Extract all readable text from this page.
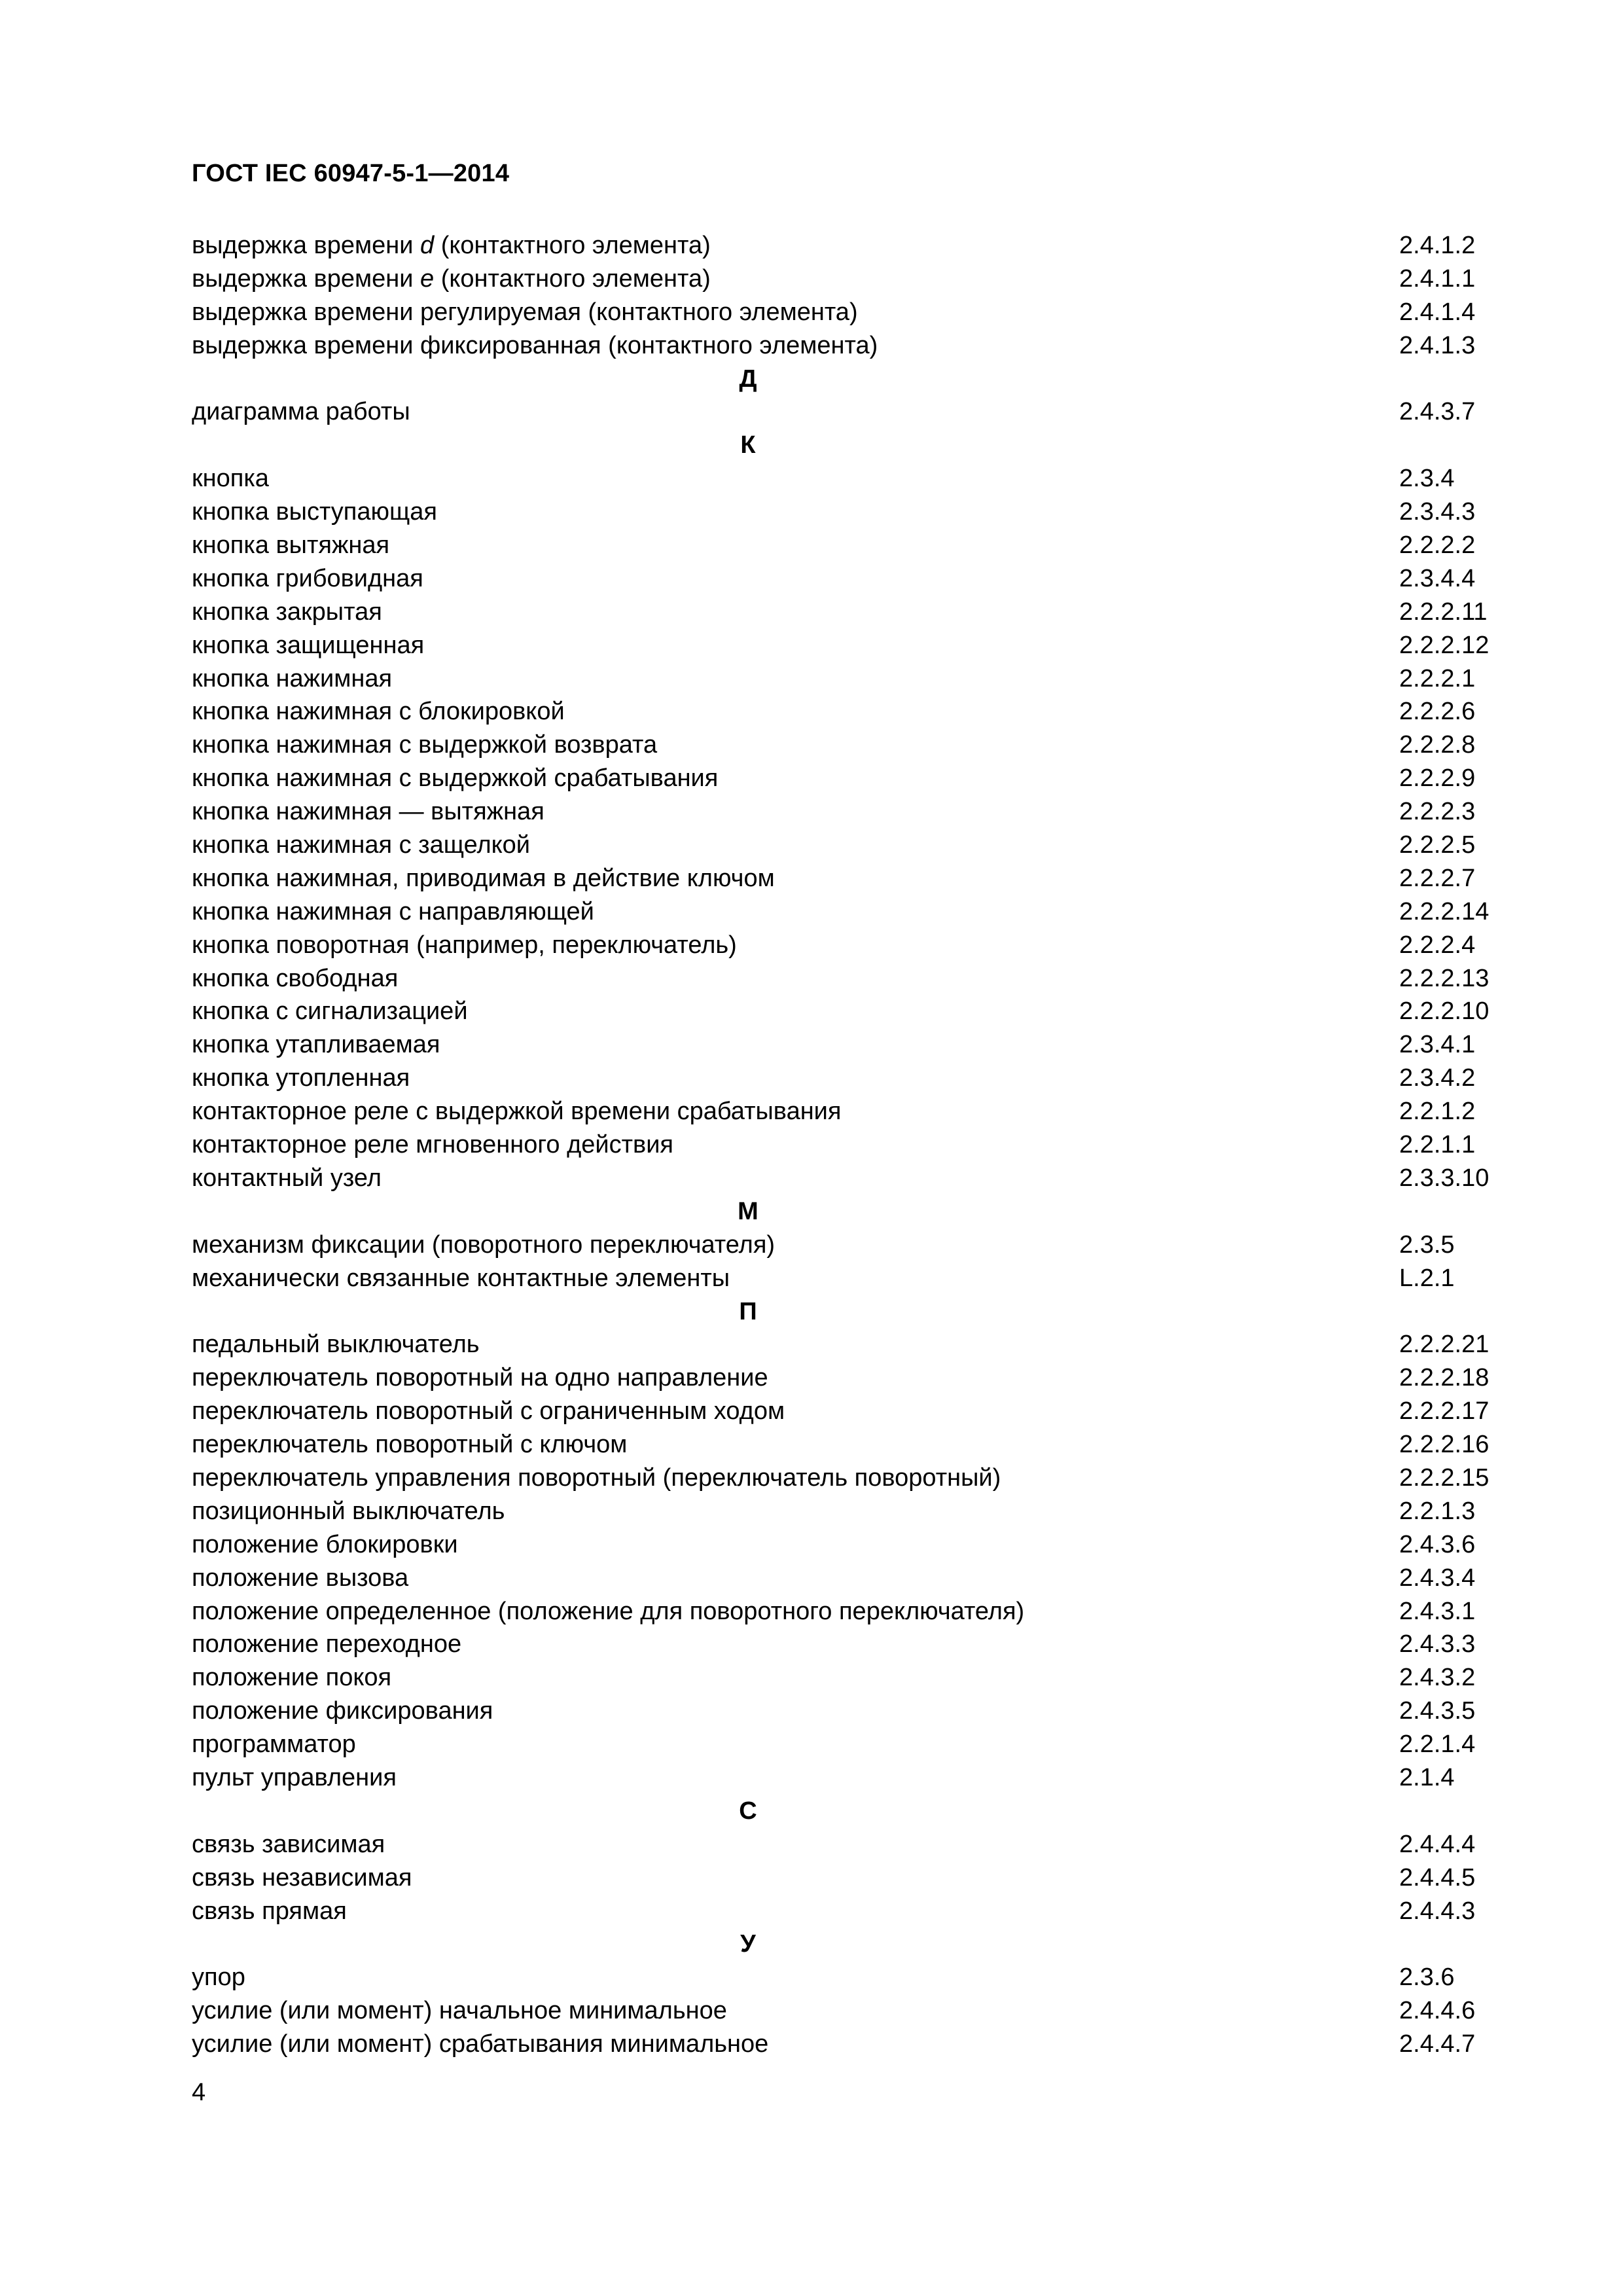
ГОСТ IEC 60947-5-1—2014
выдержка времени d (контактного элемента)	2.4.1.2
выдержка времени e (контактного элемента)	2.4.1.1
выдержка времени регулируемая (контактного элемента)	2.4.1.4
выдержка времени фиксированная (контактного элемента)	2.4.1.3
Д
диаграмма работы	2.4.3.7
К
кнопка	2.3.4
кнопка выступающая	2.3.4.3
кнопка вытяжная	2.2.2.2
кнопка грибовидная	2.3.4.4
кнопка закрытая	2.2.2.11
кнопка защищенная	2.2.2.12
кнопка нажимная	2.2.2.1
кнопка нажимная с блокировкой	2.2.2.6
кнопка нажимная с выдержкой возврата	2.2.2.8
кнопка нажимная с выдержкой срабатывания	2.2.2.9
кнопка нажимная — вытяжная	2.2.2.3
кнопка нажимная с защелкой	2.2.2.5
кнопка нажимная, приводимая в действие ключом	2.2.2.7
кнопка нажимная с направляющей	2.2.2.14
кнопка поворотная (например, переключатель)	2.2.2.4
кнопка свободная	2.2.2.13
кнопка с сигнализацией	2.2.2.10
кнопка утапливаемая	2.3.4.1
кнопка утопленная	2.3.4.2
контакторное реле с выдержкой времени срабатывания	2.2.1.2
контакторное реле мгновенного действия	2.2.1.1
контактный узел	2.3.3.10
М
механизм фиксации (поворотного переключателя)	2.3.5
механически связанные контактные элементы	L.2.1
П
педальный выключатель	2.2.2.21
переключатель поворотный на одно направление	2.2.2.18
переключатель поворотный с ограниченным ходом	2.2.2.17
переключатель поворотный с ключом	2.2.2.16
переключатель управления поворотный (переключатель поворотный)	2.2.2.15
позиционный выключатель	2.2.1.3
положение блокировки	2.4.3.6
положение вызова	2.4.3.4
положение определенное (положение для поворотного переключателя)	2.4.3.1
положение переходное	2.4.3.3
положение покоя	2.4.3.2
положение фиксирования	2.4.3.5
программатор	2.2.1.4
пульт управления	2.1.4
С
связь зависимая	2.4.4.4
связь независимая	2.4.4.5
связь прямая	2.4.4.3
У
упор	2.3.6
усилие (или момент) начальное минимальное	2.4.4.6
усилие (или момент) срабатывания минимальное	2.4.4.7
4
